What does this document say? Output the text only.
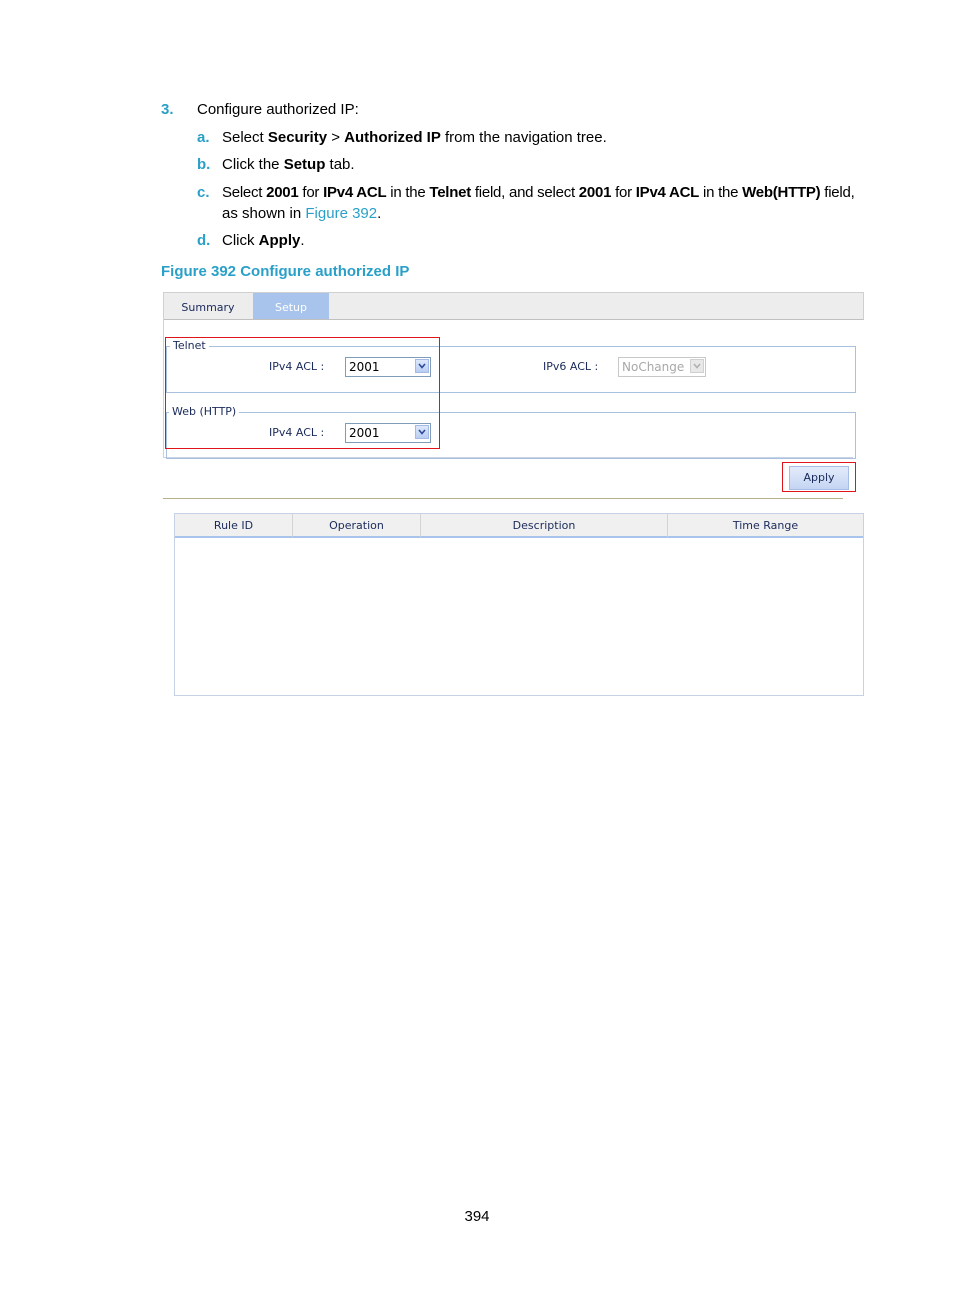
3. Configure authorized IP:
a. Select Security > Authorized IP from the navigation tree.
b. Click the Setup tab.
c. Select 2001 for IPv4 ACL in the Telnet field, and select 2001 for IPv4 ACL in the Web(HTTP) field,
as shown in Figure 392.
d. Click Apply.
Figure 392 Configure authorized IP
Summary	Setup
Telnet
IPv4 ACL : 2001	IPv6 ACL : NoChange
Web (HTTP)
IPv4 ACL : 2001
Apply
Rule ID	Operation	Description	Time Range
394
